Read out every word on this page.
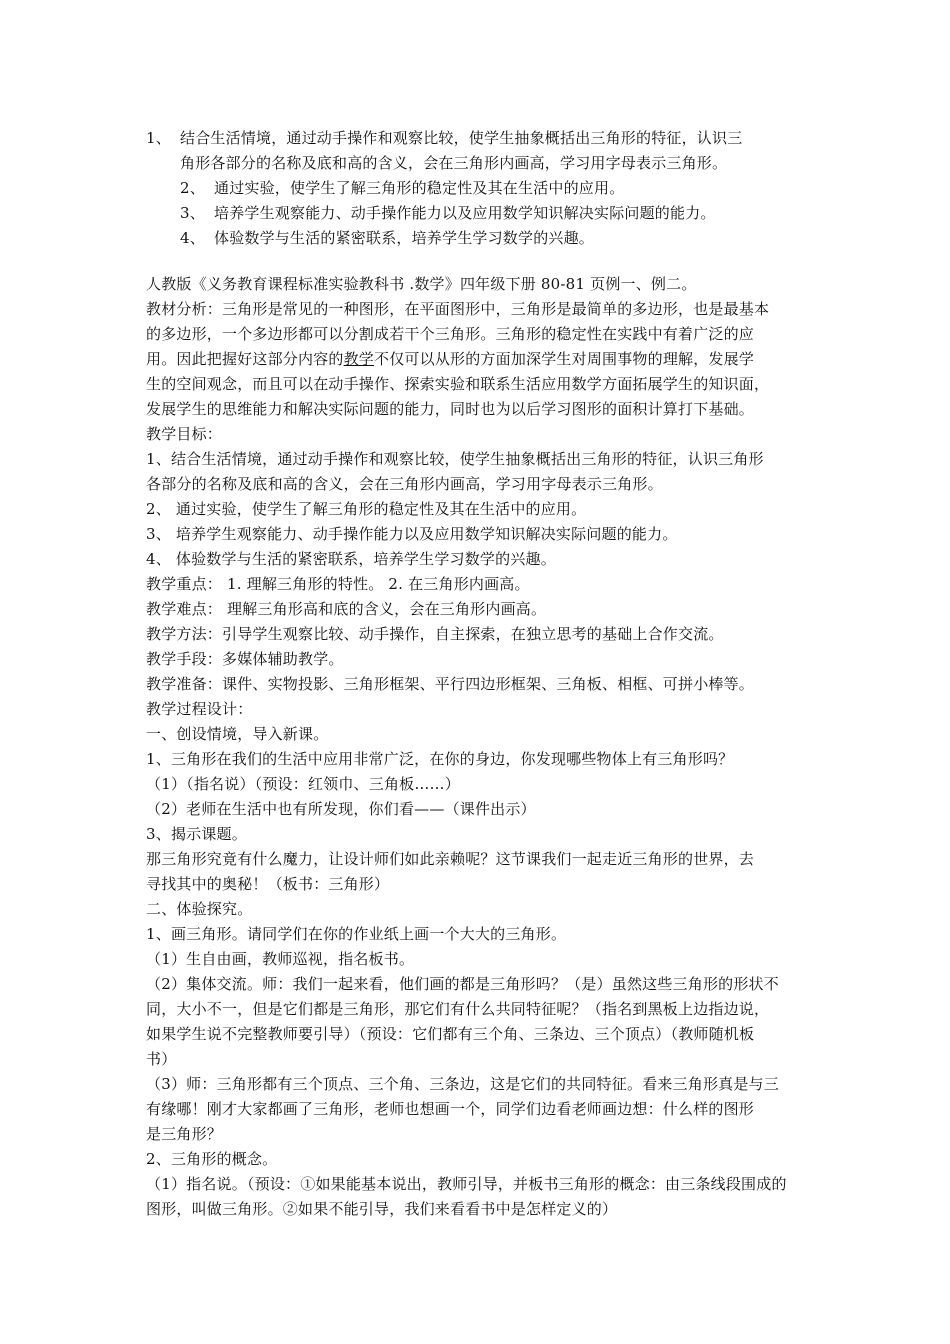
1、 结合生活情境，通过动手操作和观察比较，使学生抽象概括出三角形的特征，认识三
角形各部分的名称及底和高的含义，会在三角形内画高，学习用字母表示三角形。
2、 通过实验，使学生了解三角形的稳定性及其在生活中的应用。
3、 培养学生观察能力、动手操作能力以及应用数学知识解决实际问题的能力。
4、 体验数学与生活的紧密联系，培养学生学习数学的兴趣。
人教版《义务教育课程标准实验教科书 .数学》四年级下册 80-81 页例一、例二。
教材分析：三角形是常见的一种图形，在平面图形中，三角形是最简单的多边形，也是最基本
的多边形，一个多边形都可以分割成若干个三角形。三角形的稳定性在实践中有着广泛的应
用。因此把握好这部分内容的教学不仅可以从形的方面加深学生对周围事物的理解，发展学
生的空间观念，而且可以在动手操作、探索实验和联系生活应用数学方面拓展学生的知识面，
发展学生的思维能力和解决实际问题的能力，同时也为以后学习图形的面积计算打下基础。
教学目标：
1、结合生活情境，通过动手操作和观察比较，使学生抽象概括出三角形的特征，认识三角形
各部分的名称及底和高的含义，会在三角形内画高，学习用字母表示三角形。
2、 通过实验，使学生了解三角形的稳定性及其在生活中的应用。
3、 培养学生观察能力、动手操作能力以及应用数学知识解决实际问题的能力。
4、 体验数学与生活的紧密联系，培养学生学习数学的兴趣。
教学重点： 1. 理解三角形的特性。 2. 在三角形内画高。
教学难点： 理解三角形高和底的含义，会在三角形内画高。
教学方法：引导学生观察比较、动手操作，自主探索，在独立思考的基础上合作交流。
教学手段：多媒体辅助教学。
教学准备：课件、实物投影、三角形框架、平行四边形框架、三角板、相框、可拼小棒等。
教学过程设计：
一、创设情境，导入新课。
1、三角形在我们的生活中应用非常广泛，在你的身边，你发现哪些物体上有三角形吗？
（1）（指名说）（预设：红领巾、三角板……）
（2）老师在生活中也有所发现，你们看——（课件出示）
3、揭示课题。
那三角形究竟有什么魔力，让设计师们如此亲赖呢？这节课我们一起走近三角形的世界，去
寻找其中的奥秘！（板书：三角形）
二、体验探究。
1、画三角形。请同学们在你的作业纸上画一个大大的三角形。
（1）生自由画，教师巡视，指名板书。
（2）集体交流。师：我们一起来看，他们画的都是三角形吗？（是）虽然这些三角形的形状不
同，大小不一，但是它们都是三角形，那它们有什么共同特征呢？（指名到黑板上边指边说，
如果学生说不完整教师要引导）（预设：它们都有三个角、三条边、三个顶点）（教师随机板
书）
（3）师：三角形都有三个顶点、三个角、三条边，这是它们的共同特征。看来三角形真是与三
有缘哪！刚才大家都画了三角形，老师也想画一个，同学们边看老师画边想：什么样的图形
是三角形？
2、三角形的概念。
（1）指名说。（预设：①如果能基本说出，教师引导，并板书三角形的概念：由三条线段围成的
图形，叫做三角形。②如果不能引导，我们来看看书中是怎样定义的）
